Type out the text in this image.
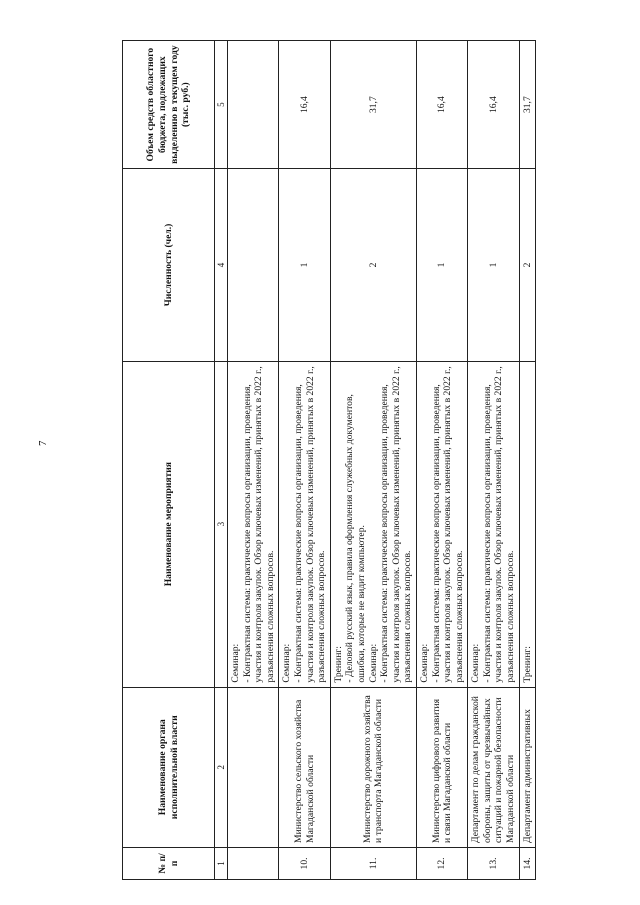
7
№ п/п	Наименование органа исполнительной власти	Наименование мероприятия	Численность (чел.)	Объем средств областного бюджета, подлежащих выделению в текущем году (тыс. руб.)
1	2	3	4	5

		Семинар: - Контрактная система: практические вопросы организации, проведения, участия и контроля закупок. Обзор ключевых изменений, принятых в 2022 г., разъяснения сложных вопросов.		

10.	Министерство сельского хозяйства Магаданской области	Семинар: - Контрактная система: практические вопросы организации, проведения, участия и контроля закупок. Обзор ключевых изменений, принятых в 2022 г., разъяснения сложных вопросов.	1	16,4
11.	Министерство дорожного хозяйства и транспорта Магаданской области	Тренинг: - Деловой русский язык, правила оформления служебных документов, ошибки, которые не видит компьютер. Семинар: - Контрактная система: практические вопросы организации, проведения, участия и контроля закупок. Обзор ключевых изменений, принятых в 2022 г., разъяснения сложных вопросов.	2	31,7
12.	Министерство цифрового развития и связи Магаданской области	Семинар: - Контрактная система: практические вопросы организации, проведения, участия и контроля закупок. Обзор ключевых изменений, принятых в 2022 г., разъяснения сложных вопросов.	1	16,4
13.	Департамент по делам гражданской обороны, защиты от чрезвычайных ситуаций и пожарной безопасности Магаданской области	Семинар: - Контрактная система: практические вопросы организации, проведения, участия и контроля закупок. Обзор ключевых изменений, принятых в 2022 г., разъяснения сложных вопросов.	1	16,4
14.	Департамент административных	Тренинг:	2	31,7
